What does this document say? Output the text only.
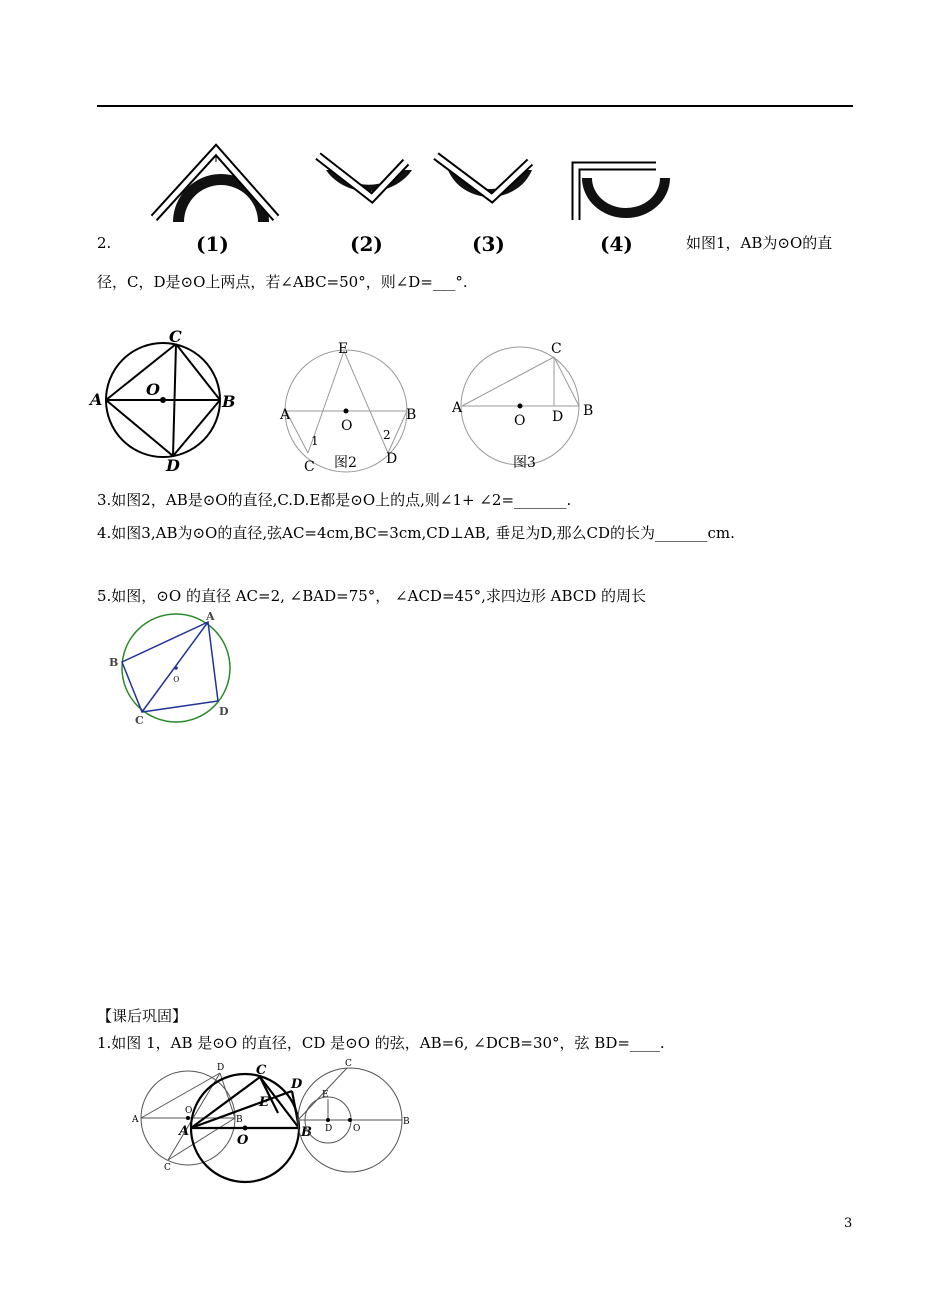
2.	(1)	(2)	(3)	(4)	如图1，AB为⊙O的直
径，C，D是⊙O上两点，若∠ABC=50°，则∠D=___°.
A	B
C
D
O
A	B
E
C	D
O
1	2
图2
A	B
C
D
O
图3
3.如图2，AB是⊙O的直径,C.D.E都是⊙O上的点,则∠1+ ∠2=_______.
4.如图3,AB为⊙O的直径,弦AC=4cm,BC=3cm,CD⊥AB, 垂足为D,那么CD的长为_______cm.
5.如图，⊙O 的直径 AC=2, ∠BAD=75°， ∠ACD=45°,求四边形 ABCD 的周长
A
B
C
D
o
【课后巩固】
1.如图 1，AB 是⊙O 的直径，CD 是⊙O 的弦，AB=6, ∠DCB=30°，弦 BD=____.
A	B
C
D
O
A	B
C
D
E
O
B
C
D
E
O
3
